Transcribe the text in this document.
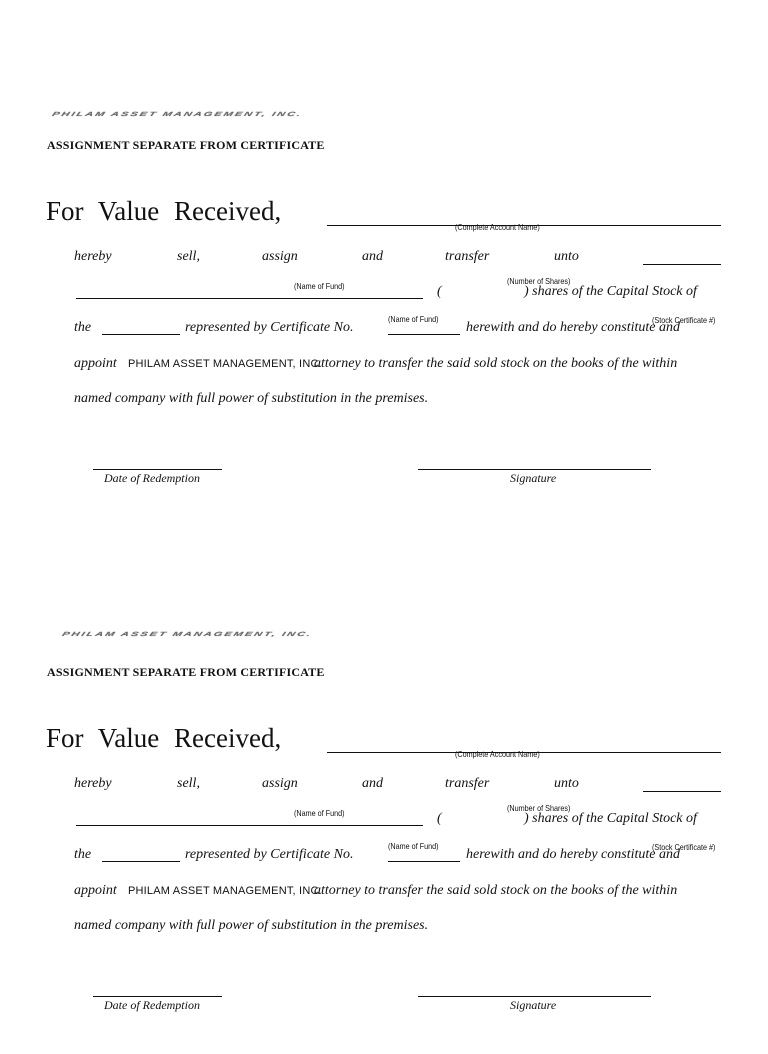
PHILAM ASSET MANAGEMENT, INC.
ASSIGNMENT SEPARATE FROM CERTIFICATE
For Value Received,
(Complete Account Name)
hereby	sell,	assign	and	transfer	unto
(Number of Shares)
(Name of Fund)	(	) shares of the Capital Stock of
(Name of Fund)	(Stock Certificate #)
the	represented by Certificate No.	herewith and do hereby constitute and
appoint PHILAM ASSET MANAGEMENT, INC.
attorney to transfer the said sold stock on the books of the within
named company with full power of substitution in the premises.
Date of Redemption	Signature
PHILAM ASSET MANAGEMENT, INC.
ASSIGNMENT SEPARATE FROM CERTIFICATE
For Value Received,
(Complete Account Name)
hereby	sell,	assign	and	transfer	unto
(Number of Shares)
(Name of Fund)	(	) shares of the Capital Stock of
(Name of Fund)	(Stock Certificate #)
the	represented by Certificate No.	herewith and do hereby constitute and
appoint PHILAM ASSET MANAGEMENT, INC.
attorney to transfer the said sold stock on the books of the within
named company with full power of substitution in the premises.
Date of Redemption	Signature
